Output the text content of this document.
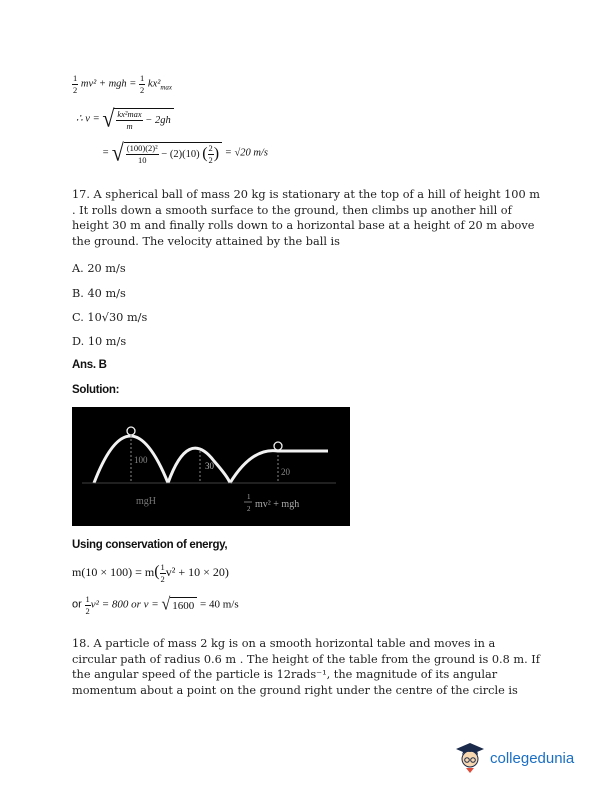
$\frac{1}{2} mv^2$ + mgh = $\frac{1}{2} kx^2_{max}$
∴ v = √ $\frac{\text{kx²max}}{m}$
− 2gh
= √ $\frac{\text{(100)(2)²}}{10}$
− (2)(10)
( $\frac{2}{2}$ ) = √20 m/s
17. A spherical ball of mass 20 kg is stationary at the top of a hill of height 100 m . It rolls down a smooth surface to the ground, then climbs up another hill of height 30 m and finally rolls down to a horizontal base at a height of 20 m above the ground. The velocity attained by the ball is
A. 20 m/s
B. 40 m/s
C. 10√30 m/s
D. 10 m/s
Ans. B
Solution:
100
30
20
mgH	1
2 mv² + mgh
Using conservation of energy,
$m(10 \times 100) = m( \frac{1}{2} v^2 + 10 \times 20)$
or $\frac{1}{2} v^2 = 800$ or v = √ 1600 = 40 m/s
18. A particle of mass 2 kg is on a smooth horizontal table and moves in a circular path of radius 0.6 m . The height of the table from the ground is 0.8 m. If the angular speed of the particle is 12rads⁻¹, the magnitude of its angular momentum about a point on the ground right under the centre of the circle is
collegedunia
